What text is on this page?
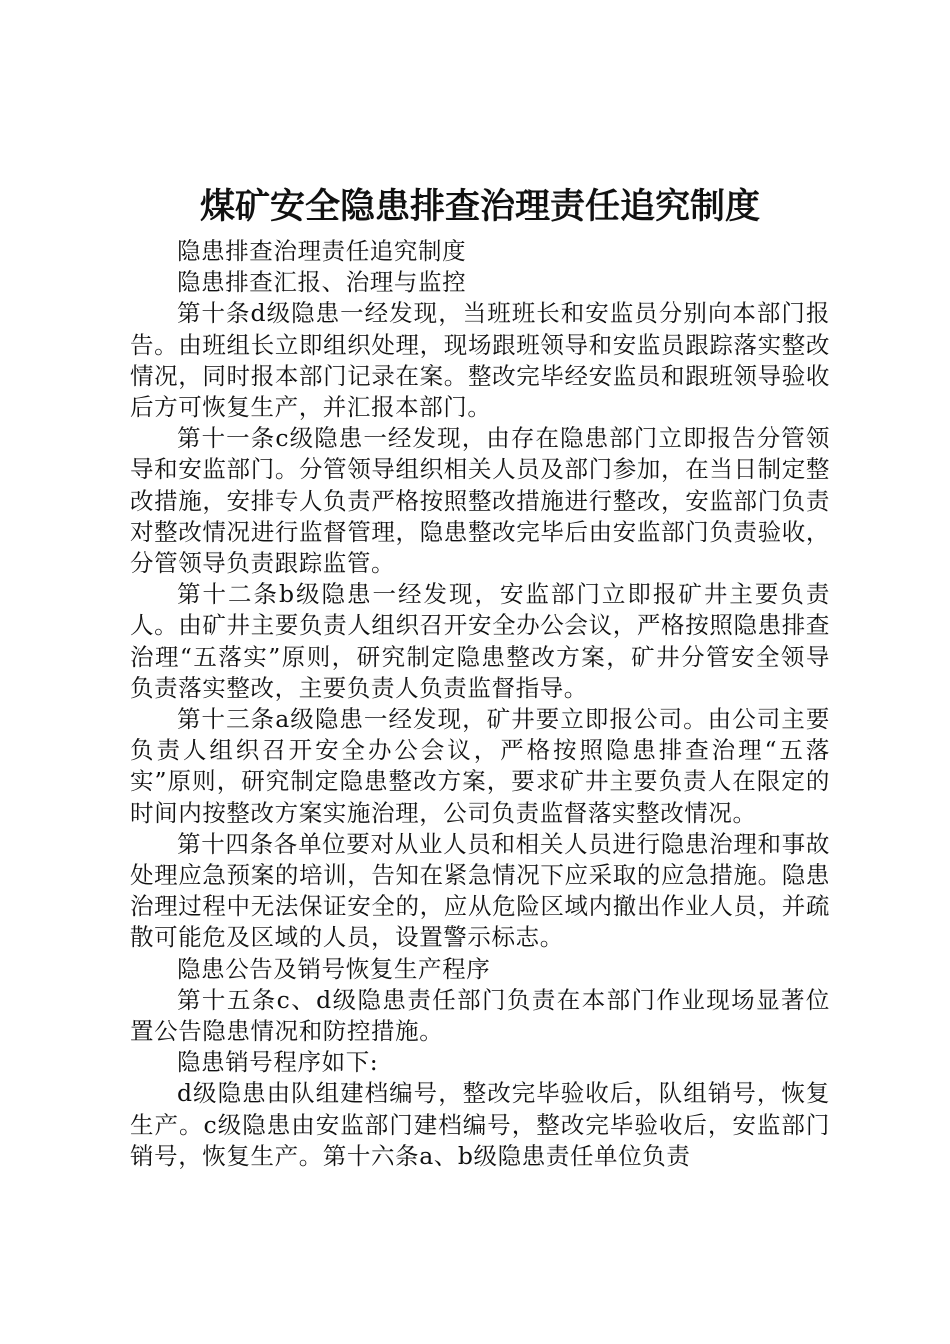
煤矿安全隐患排查治理责任追究制度

隐患排查治理责任追究制度

隐患排查汇报、治理与监控

第十条d级隐患一经发现，当班班长和安监员分别向本部门报告。由班组长立即组织处理，现场跟班领导和安监员跟踪落实整改情况，同时报本部门记录在案。整改完毕经安监员和跟班领导验收后方可恢复生产，并汇报本部门。

第十一条c级隐患一经发现，由存在隐患部门立即报告分管领导和安监部门。分管领导组织相关人员及部门参加，在当日制定整改措施，安排专人负责严格按照整改措施进行整改，安监部门负责对整改情况进行监督管理，隐患整改完毕后由安监部门负责验收，分管领导负责跟踪监管。

第十二条b级隐患一经发现，安监部门立即报矿井主要负责人。由矿井主要负责人组织召开安全办公会议，严格按照隐患排查治理“五落实”原则，研究制定隐患整改方案，矿井分管安全领导负责落实整改，主要负责人负责监督指导。

第十三条a级隐患一经发现，矿井要立即报公司。由公司主要负责人组织召开安全办公会议，严格按照隐患排查治理“五落实”原则，研究制定隐患整改方案，要求矿井主要负责人在限定的时间内按整改方案实施治理，公司负责监督落实整改情况。

第十四条各单位要对从业人员和相关人员进行隐患治理和事故处理应急预案的培训，告知在紧急情况下应采取的应急措施。隐患治理过程中无法保证安全的，应从危险区域内撤出作业人员，并疏散可能危及区域的人员，设置警示标志。

隐患公告及销号恢复生产程序

第十五条c、d级隐患责任部门负责在本部门作业现场显著位置公告隐患情况和防控措施。

隐患销号程序如下:

d级隐患由队组建档编号，整改完毕验收后，队组销号，恢复生产。c级隐患由安监部门建档编号，整改完毕验收后，安监部门销号，恢复生产。第十六条a、b级隐患责任单位负责
